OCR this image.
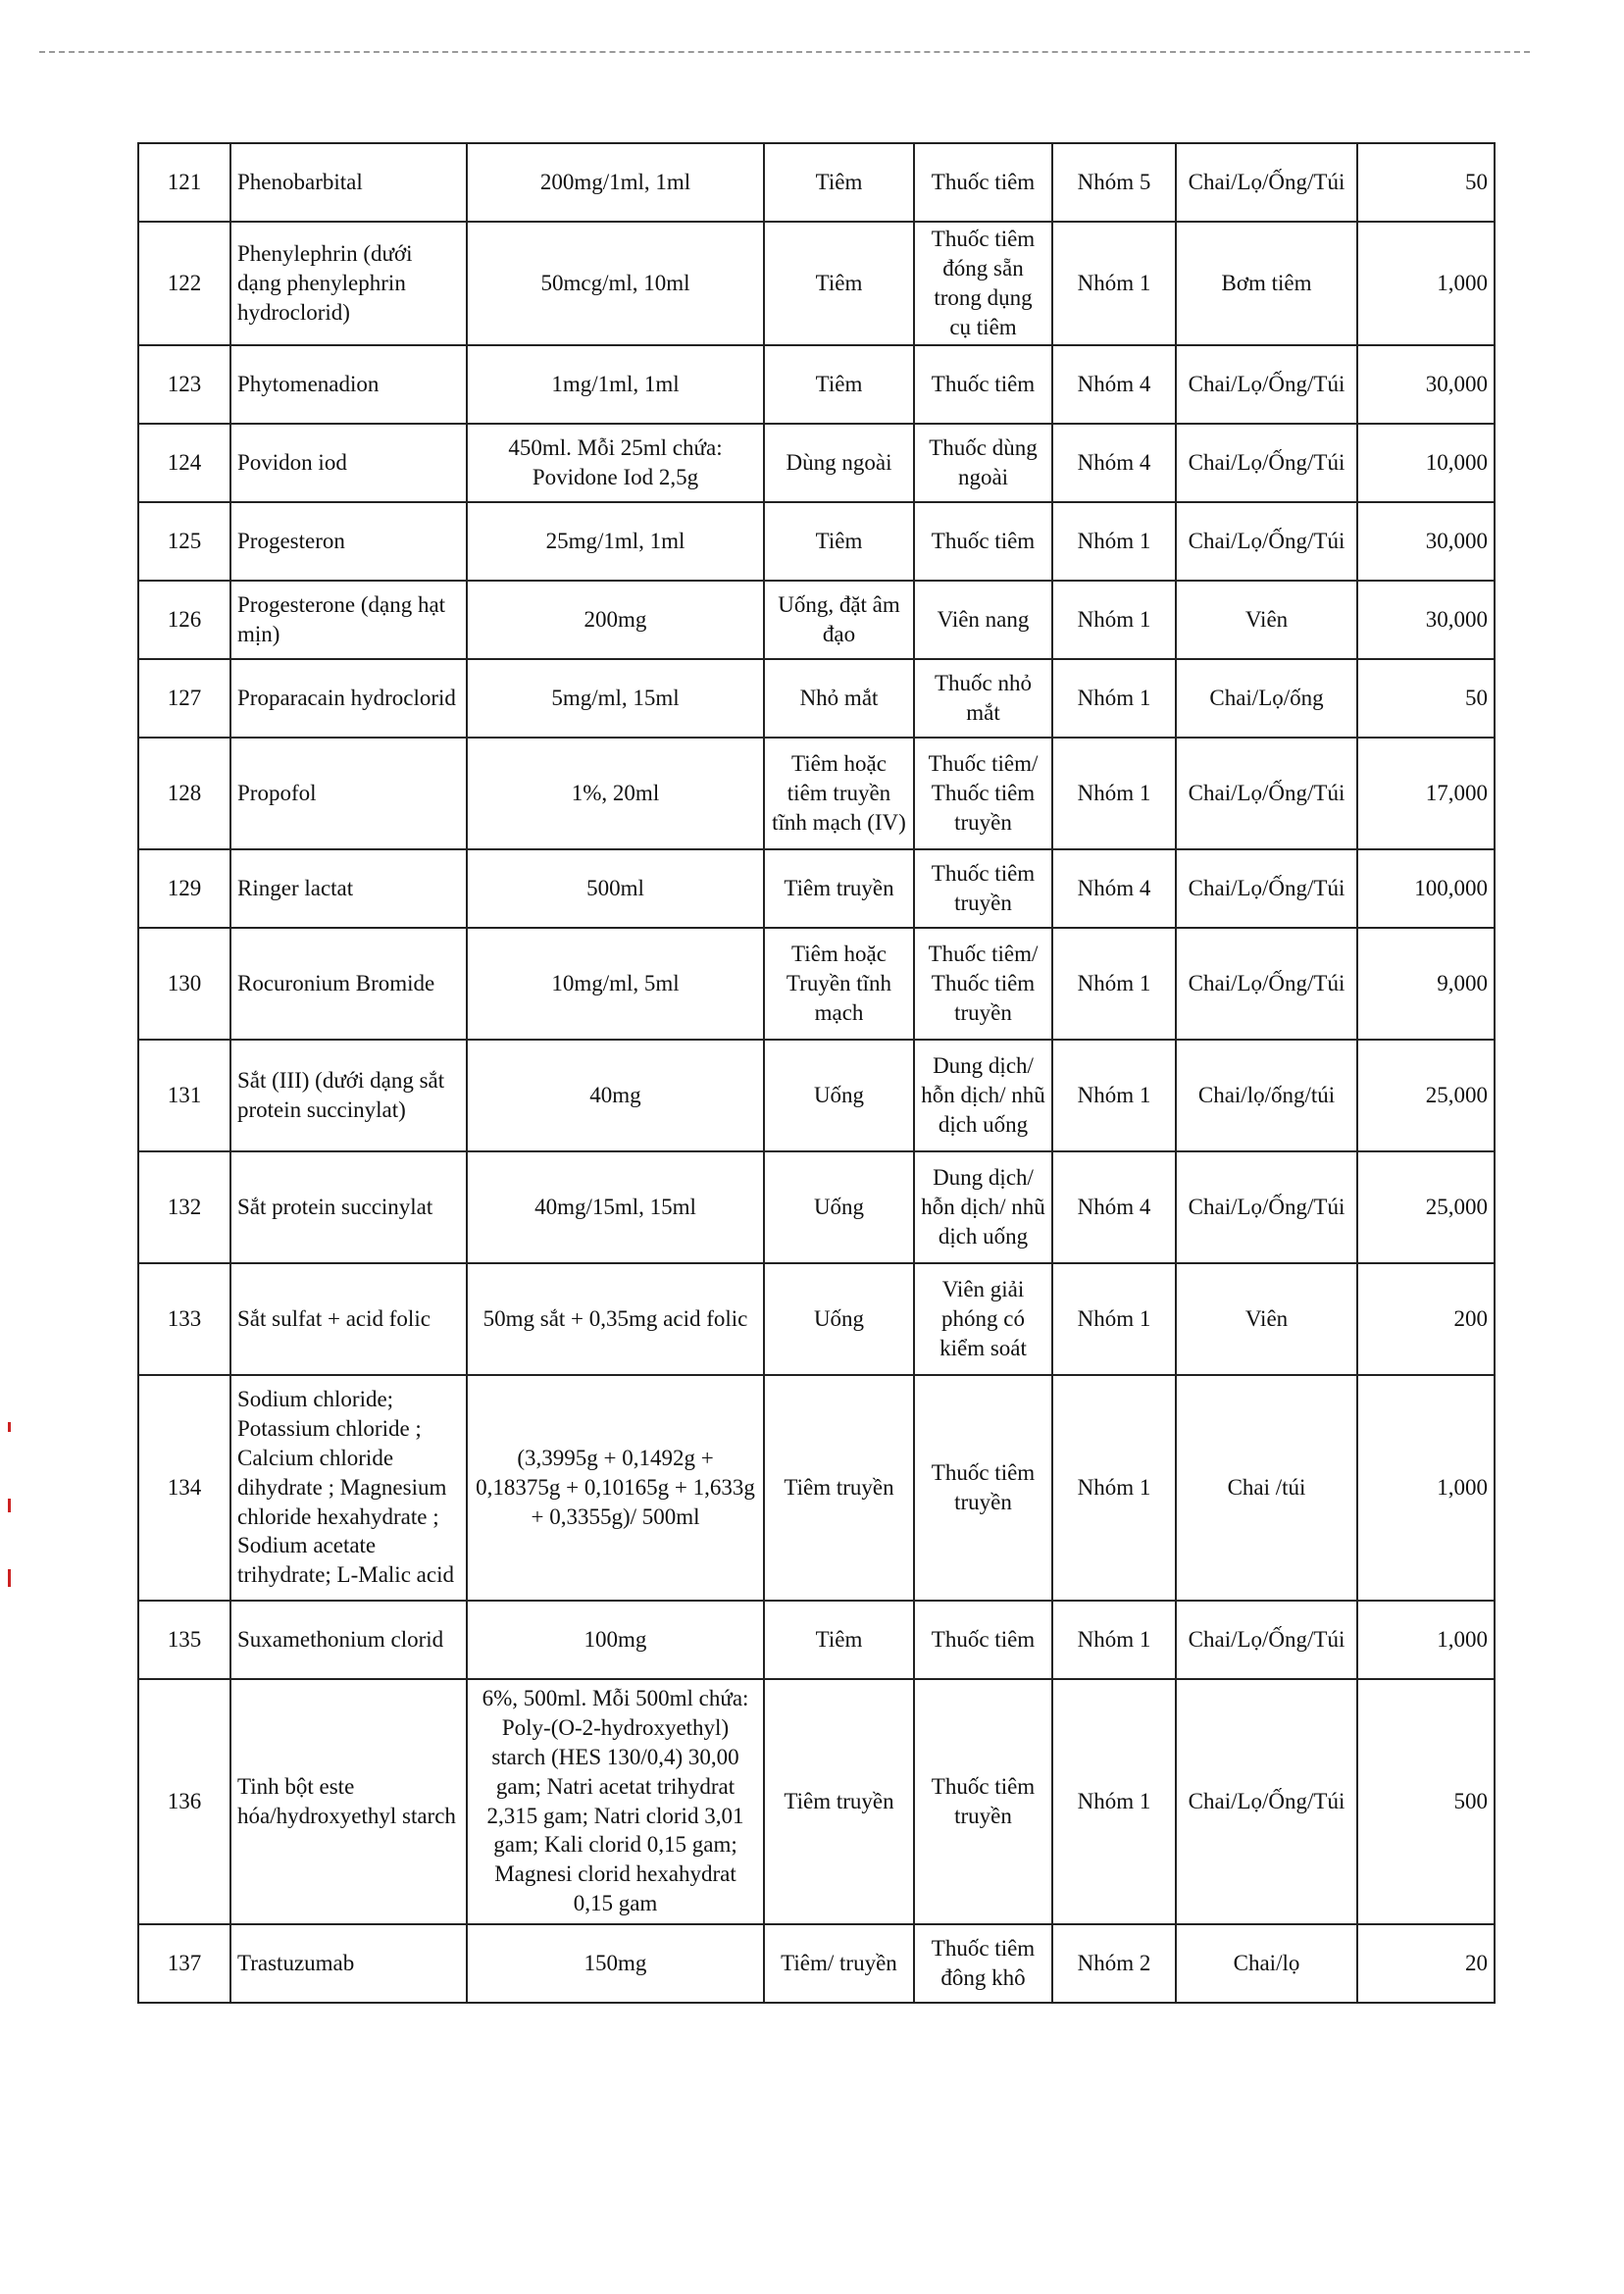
121	Phenobarbital	200mg/1ml, 1ml	Tiêm	Thuốc tiêm	Nhóm 5	Chai/Lọ/Ống/Túi	50
122	Phenylephrin (dưới dạng phenylephrin hydroclorid)	50mcg/ml, 10ml	Tiêm	Thuốc tiêm đóng sẵn trong dụng cụ tiêm	Nhóm 1	Bơm tiêm	1,000
123	Phytomenadion	1mg/1ml, 1ml	Tiêm	Thuốc tiêm	Nhóm 4	Chai/Lọ/Ống/Túi	30,000
124	Povidon iod	450ml. Mỗi 25ml chứa: Povidone Iod 2,5g	Dùng ngoài	Thuốc dùng ngoài	Nhóm 4	Chai/Lọ/Ống/Túi	10,000
125	Progesteron	25mg/1ml, 1ml	Tiêm	Thuốc tiêm	Nhóm 1	Chai/Lọ/Ống/Túi	30,000
126	Progesterone (dạng hạt mịn)	200mg	Uống, đặt âm đạo	Viên nang	Nhóm 1	Viên	30,000
127	Proparacain hydroclorid	5mg/ml, 15ml	Nhỏ mắt	Thuốc nhỏ mắt	Nhóm 1	Chai/Lọ/ống	50
128	Propofol	1%, 20ml	Tiêm hoặc tiêm truyền tĩnh mạch (IV)	Thuốc tiêm/ Thuốc tiêm truyền	Nhóm 1	Chai/Lọ/Ống/Túi	17,000
129	Ringer lactat	500ml	Tiêm truyền	Thuốc tiêm truyền	Nhóm 4	Chai/Lọ/Ống/Túi	100,000
130	Rocuronium Bromide	10mg/ml, 5ml	Tiêm hoặc Truyền tĩnh mạch	Thuốc tiêm/ Thuốc tiêm truyền	Nhóm 1	Chai/Lọ/Ống/Túi	9,000
131	Sắt (III) (dưới dạng sắt protein succinylat)	40mg	Uống	Dung dịch/ hỗn dịch/ nhũ dịch uống	Nhóm 1	Chai/lọ/ống/túi	25,000
132	Sắt protein succinylat	40mg/15ml, 15ml	Uống	Dung dịch/ hỗn dịch/ nhũ dịch uống	Nhóm 4	Chai/Lọ/Ống/Túi	25,000
133	Sắt sulfat + acid folic	50mg sắt + 0,35mg acid folic	Uống	Viên giải phóng có kiểm soát	Nhóm 1	Viên	200
134	Sodium chloride; Potassium chloride ; Calcium chloride dihydrate ; Magnesium chloride hexahydrate ; Sodium acetate trihydrate; L-Malic acid	(3,3995g + 0,1492g + 0,18375g + 0,10165g + 1,633g + 0,3355g)/ 500ml	Tiêm truyền	Thuốc tiêm truyền	Nhóm 1	Chai /túi	1,000
135	Suxamethonium clorid	100mg	Tiêm	Thuốc tiêm	Nhóm 1	Chai/Lọ/Ống/Túi	1,000
136	Tinh bột este hóa/hydroxyethyl starch	6%, 500ml. Mỗi 500ml chứa: Poly-(O-2-hydroxyethyl) starch (HES 130/0,4) 30,00 gam; Natri acetat trihydrat 2,315 gam; Natri clorid 3,01 gam; Kali clorid 0,15 gam; Magnesi clorid hexahydrat 0,15 gam	Tiêm truyền	Thuốc tiêm truyền	Nhóm 1	Chai/Lọ/Ống/Túi	500
137	Trastuzumab	150mg	Tiêm/ truyền	Thuốc tiêm đông khô	Nhóm 2	Chai/lọ	20
